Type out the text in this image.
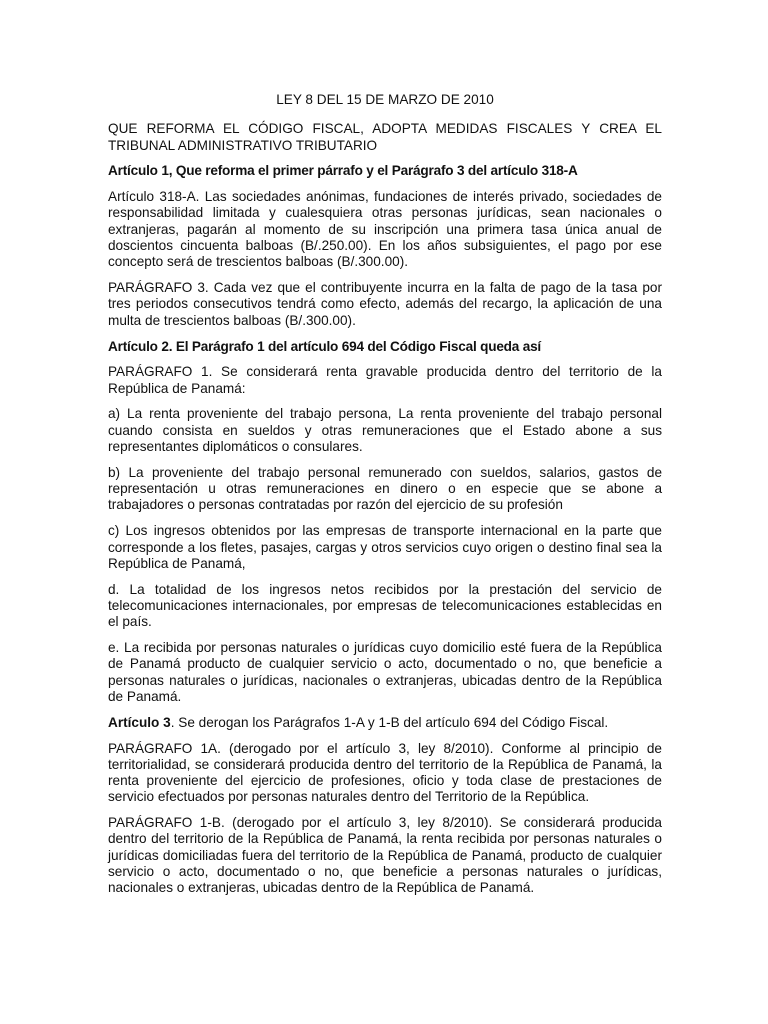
LEY 8 DEL 15 DE MARZO DE 2010

QUE REFORMA EL CÓDIGO FISCAL, ADOPTA MEDIDAS FISCALES Y CREA EL TRIBUNAL ADMINISTRATIVO TRIBUTARIO

Artículo 1, Que reforma el primer párrafo y el Parágrafo 3 del artículo 318-A

Artículo 318-A. Las sociedades anónimas, fundaciones de interés privado, sociedades de responsabilidad limitada y cualesquiera otras personas jurídicas, sean nacionales o extranjeras, pagarán al momento de su inscripción una primera tasa única anual de doscientos cincuenta balboas (B/.250.00). En los años subsiguientes, el pago por ese concepto será de trescientos balboas (B/.300.00).

PARÁGRAFO 3. Cada vez que el contribuyente incurra en la falta de pago de la tasa por tres periodos consecutivos tendrá como efecto, además del recargo, la aplicación de una multa de trescientos balboas (B/.300.00).

Artículo 2. El Parágrafo 1 del artículo 694 del Código Fiscal queda así

PARÁGRAFO 1. Se considerará renta gravable producida dentro del territorio de la República de Panamá:

a) La renta proveniente del trabajo persona, La renta proveniente del trabajo personal cuando consista en sueldos y otras remuneraciones que el Estado abone a sus representantes diplomáticos o consulares.

b) La proveniente del trabajo personal remunerado con sueldos, salarios, gastos de representación u otras remuneraciones en dinero o en especie que se abone a trabajadores o personas contratadas por razón del ejercicio de su profesión

c) Los ingresos obtenidos por las empresas de transporte internacional en la parte que corresponde a los fletes, pasajes, cargas y otros servicios cuyo origen o destino final sea la República de Panamá,

d. La totalidad de los ingresos netos recibidos por la prestación del servicio de telecomunicaciones internacionales, por empresas de telecomunicaciones establecidas en el país.

e. La recibida por personas naturales o jurídicas cuyo domicilio esté fuera de la República de Panamá producto de cualquier servicio o acto, documentado o no, que beneficie a personas naturales o jurídicas, nacionales o extranjeras, ubicadas dentro de la República de Panamá.

Artículo 3. Se derogan los Parágrafos 1-A y 1-B del artículo 694 del Código Fiscal.

PARÁGRAFO 1A. (derogado por el artículo 3, ley 8/2010). Conforme al principio de territorialidad, se considerará producida dentro del territorio de la República de Panamá, la renta proveniente del ejercicio de profesiones, oficio y toda clase de prestaciones de servicio efectuados por personas naturales dentro del Territorio de la República.

PARÁGRAFO 1-B. (derogado por el artículo 3, ley 8/2010). Se considerará producida dentro del territorio de la República de Panamá, la renta recibida por personas naturales o jurídicas domiciliadas fuera del territorio de la República de Panamá, producto de cualquier servicio o acto, documentado o no, que beneficie a personas naturales o jurídicas, nacionales o extranjeras, ubicadas dentro de la República de Panamá.
